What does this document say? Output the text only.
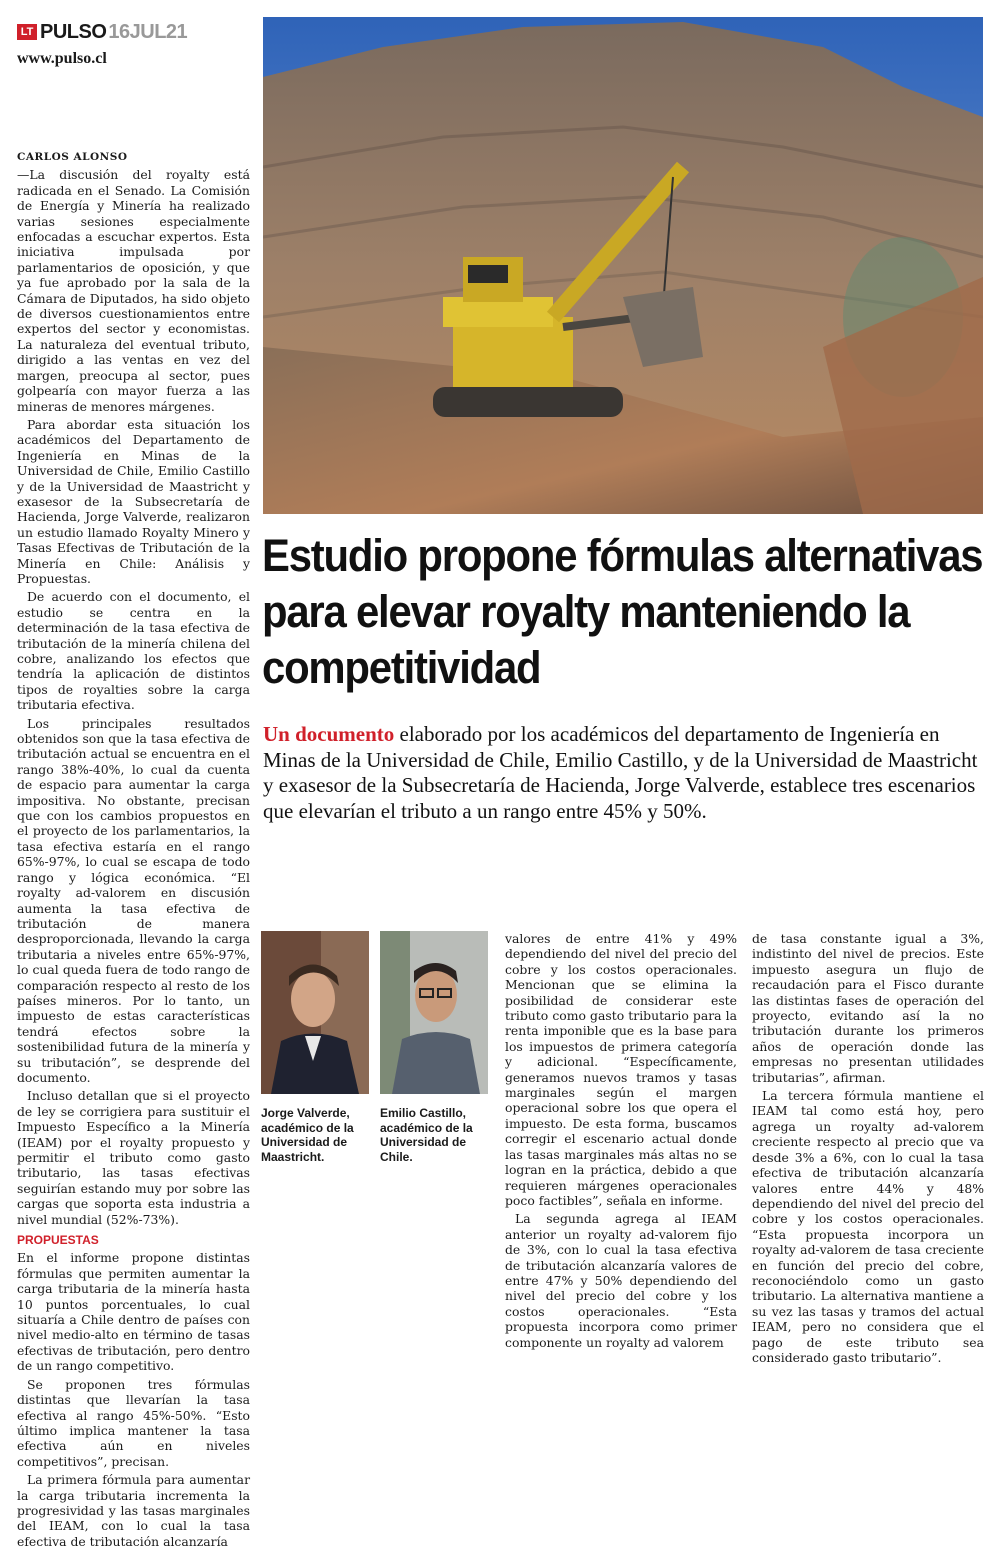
LT PULSO 16JUL21
www.pulso.cl
CARLOS ALONSO

—La discusión del royalty está radicada en el Senado. La Comisión de Energía y Minería ha realizado varias sesiones especialmente enfocadas a escuchar expertos. Esta iniciativa impulsada por parlamentarios de oposición, y que ya fue aprobado por la sala de la Cámara de Diputados, ha sido objeto de diversos cuestionamientos entre expertos del sector y economistas. La naturaleza del eventual tributo, dirigido a las ventas en vez del margen, preocupa al sector, pues golpearía con mayor fuerza a las mineras de menores márgenes.

Para abordar esta situación los académicos del Departamento de Ingeniería en Minas de la Universidad de Chile, Emilio Castillo y de la Universidad de Maastricht y exasesor de la Subsecretaría de Hacienda, Jorge Valverde, realizaron un estudio llamado Royalty Minero y Tasas Efectivas de Tributación de la Minería en Chile: Análisis y Propuestas.

De acuerdo con el documento, el estudio se centra en la determinación de la tasa efectiva de tributación de la minería chilena del cobre, analizando los efectos que tendría la aplicación de distintos tipos de royalties sobre la carga tributaria efectiva.

Los principales resultados obtenidos son que la tasa efectiva de tributación actual se encuentra en el rango 38%-40%, lo cual da cuenta de espacio para aumentar la carga impositiva. No obstante, precisan que con los cambios propuestos en el proyecto de los parlamentarios, la tasa efectiva estaría en el rango 65%-97%, lo cual se escapa de todo rango y lógica económica. “El royalty ad-valorem en discusión aumenta la tasa efectiva de tributación de manera desproporcionada, llevando la carga tributaria a niveles entre 65%-97%, lo cual queda fuera de todo rango de comparación respecto al resto de los países mineros. Por lo tanto, un impuesto de estas características tendrá efectos sobre la sostenibilidad futura de la minería y su tributación”, se desprende del documento.

Incluso detallan que si el proyecto de ley se corrigiera para sustituir el Impuesto Específico a la Minería (IEAM) por el royalty propuesto y permitir el tributo como gasto tributario, las tasas efectivas seguirían estando muy por sobre las cargas que soporta esta industria a nivel mundial (52%-73%).

PROPUESTAS

En el informe propone distintas fórmulas que permiten aumentar la carga tributaria de la minería hasta 10 puntos porcentuales, lo cual situaría a Chile dentro de países con nivel medio-alto en término de tasas efectivas de tributación, pero dentro de un rango competitivo.

Se proponen tres fórmulas distintas que llevarían la tasa efectiva al rango 45%-50%. “Esto último implica mantener la tasa efectiva aún en niveles competitivos”, precisan.

La primera fórmula para aumentar la carga tributaria incrementa la progresividad y las tasas marginales del IEAM, con lo cual la tasa efectiva de tributación alcanzaría

Estudio propone fórmulas alternativas para elevar royalty manteniendo la competitividad

Un documento elaborado por los académicos del departamento de Ingeniería en Minas de la Universidad de Chile, Emilio Castillo, y de la Universidad de Maastricht y exasesor de la Subsecretaría de Hacienda, Jorge Valverde, establece tres escenarios que elevarían el tributo a un rango entre 45% y 50%.

Jorge Valverde, académico de la Universidad de Maastricht.

Emilio Castillo, académico de la Universidad de Chile.

valores de entre 41% y 49% dependiendo del nivel del precio del cobre y los costos operacionales. Mencionan que se elimina la posibilidad de considerar este tributo como gasto tributario para la renta imponible que es la base para los impuestos de primera categoría y adicional. “Específicamente, generamos nuevos tramos y tasas marginales según el margen operacional sobre los que opera el impuesto. De esta forma, buscamos corregir el escenario actual donde las tasas marginales más altas no se logran en la práctica, debido a que requieren márgenes operacionales poco factibles”, señala en informe.

La segunda agrega al IEAM anterior un royalty ad-valorem fijo de 3%, con lo cual la tasa efectiva de tributación alcanzaría valores de entre 47% y 50% dependiendo del nivel del precio del cobre y los costos operacionales. “Esta propuesta incorpora como primer componente un royalty ad valorem

de tasa constante igual a 3%, indistinto del nivel de precios. Este impuesto asegura un flujo de recaudación para el Fisco durante las distintas fases de operación del proyecto, evitando así la no tributación durante los primeros años de operación donde las empresas no presentan utilidades tributarias”, afirman.

La tercera fórmula mantiene el IEAM tal como está hoy, pero agrega un royalty ad-valorem creciente respecto al precio que va desde 3% a 6%, con lo cual la tasa efectiva de tributación alcanzaría valores entre 44% y 48% dependiendo del nivel del precio del cobre y los costos operacionales. “Esta propuesta incorpora un royalty ad-valorem de tasa creciente en función del precio del cobre, reconociéndolo como un gasto tributario. La alternativa mantiene a su vez las tasas y tramos del actual IEAM, pero no considera que el pago de este tributo sea considerado gasto tributario”.
